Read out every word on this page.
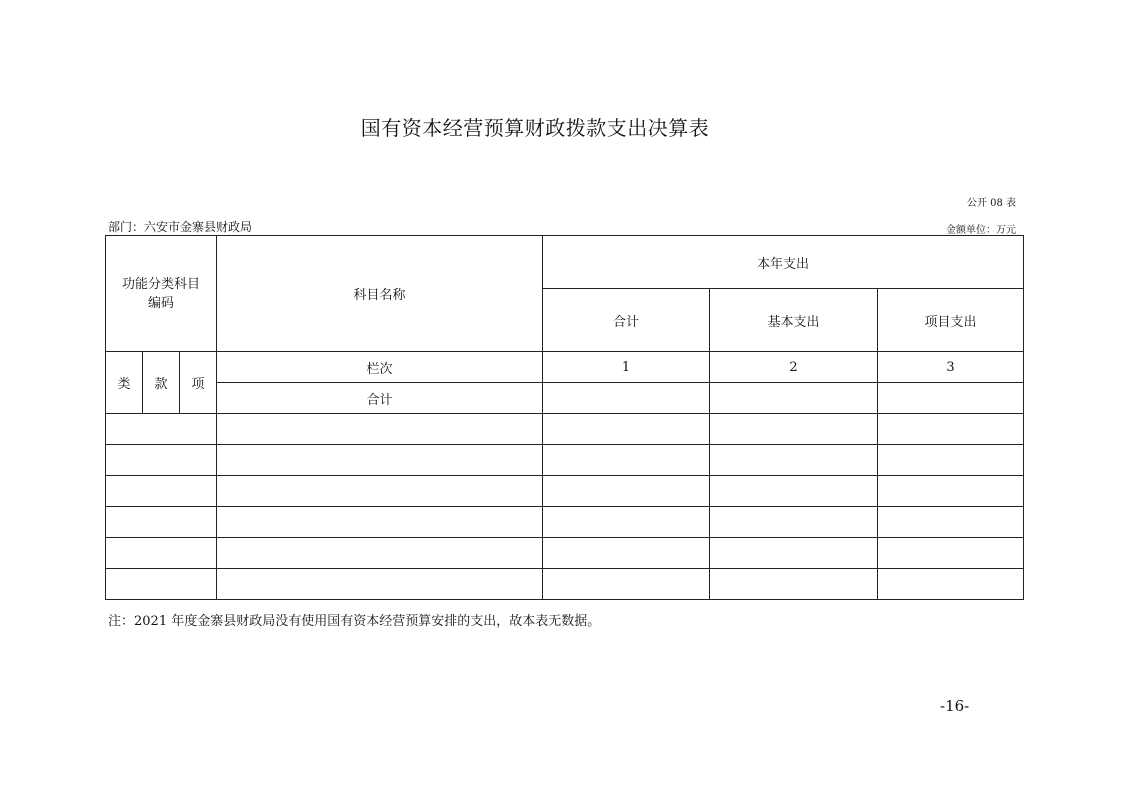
国有资本经营预算财政拨款支出决算表
公开 08 表
部门：六安市金寨县财政局	金额单位：万元
功能分类科目编码			科目名称	本年支出		
				合计	基本支出	项目支出
类	款	项	栏次	1	2	3
			合计			

注：2021 年度金寨县财政局没有使用国有资本经营预算安排的支出，故本表无数据。
-16-
